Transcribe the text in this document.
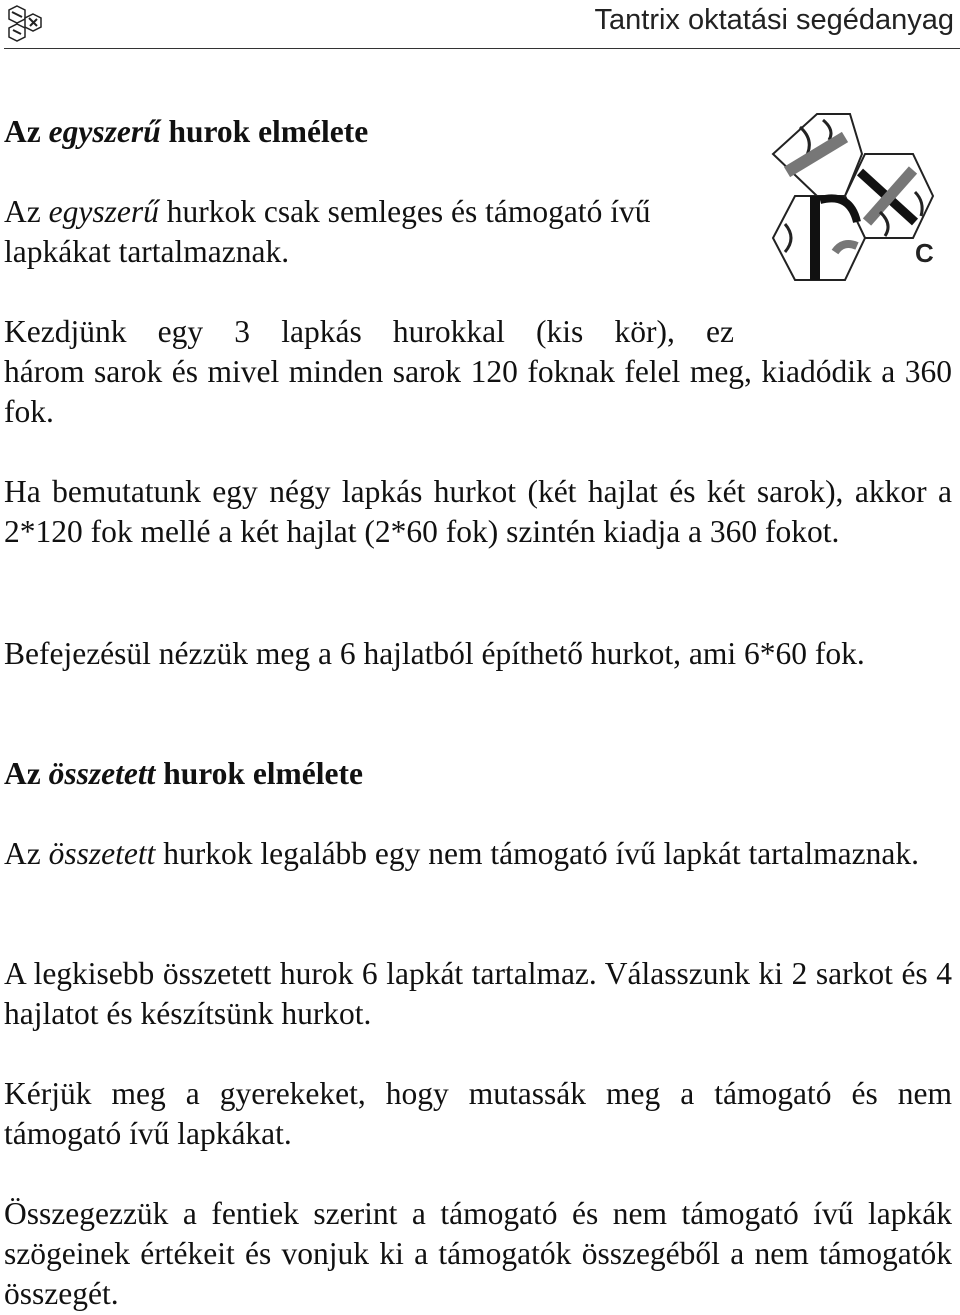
Tantrix oktatási segédanyag
C

Az egyszerű hurok elmélete

Az egyszerű hurkok csak semleges és támogató ívű

lapkákat tartalmaznak.

Kezdjünk egy 3 lapkás hurokkal (kis kör), ez

három sarok és mivel minden sarok 120 foknak felel meg, kiadódik a 360 fok.

Ha bemutatunk egy négy lapkás hurkot (két hajlat és két sarok), akkor a 2*120 fok mellé a két hajlat (2*60 fok) szintén kiadja a 360 fokot.

Befejezésül nézzük meg a 6 hajlatból építhető hurkot, ami 6*60 fok.

Az összetett hurok elmélete

Az összetett hurkok legalább egy nem támogató ívű lapkát tartalmaznak.

A legkisebb összetett hurok 6 lapkát tartalmaz. Válasszunk ki 2 sarkot és 4 hajlatot és készítsünk hurkot.

Kérjük meg a gyerekeket, hogy mutassák meg a támogató és nem támogató ívű lapkákat.

Összegezzük a fentiek szerint a támogató és nem támogató ívű lapkák szögeinek értékeit és vonjuk ki a támogatók összegéből a nem támogatók összegét.
